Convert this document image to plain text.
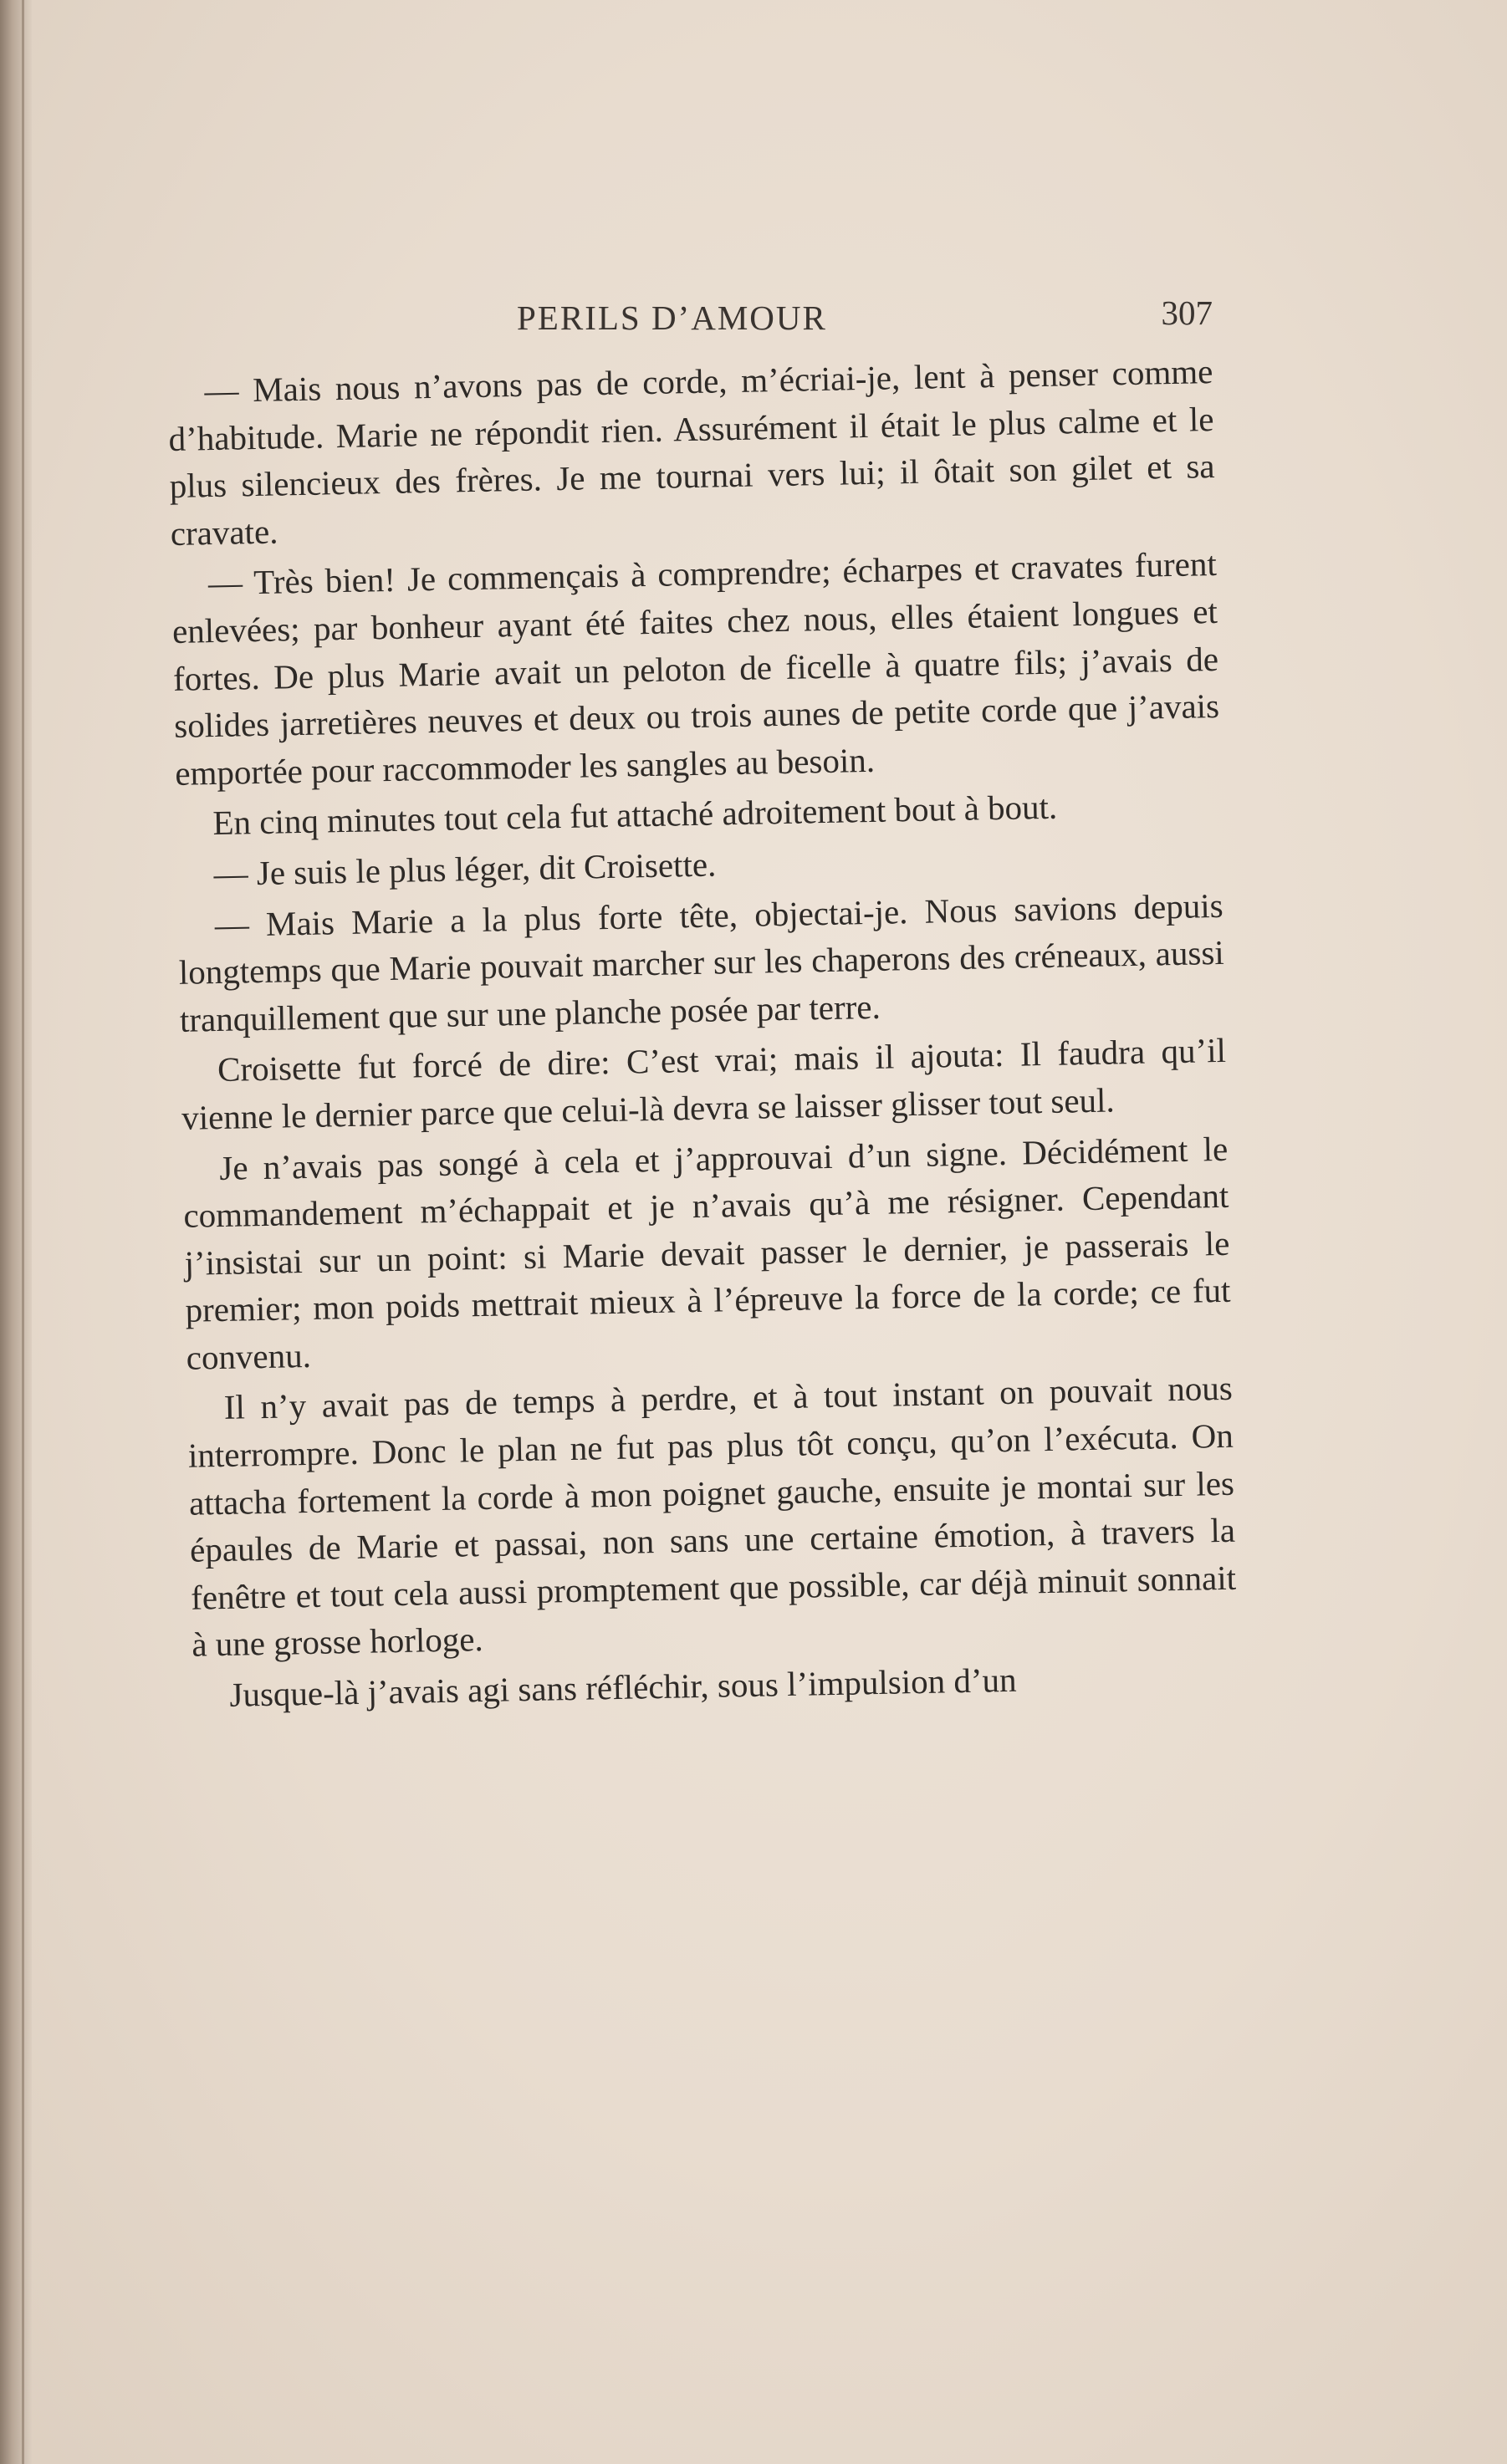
PERILS D’AMOUR	307

— Mais nous n’avons pas de corde, m’écriai-je, lent à penser comme d’habitude. Marie ne répondit rien. Assurément il était le plus calme et le plus silencieux des frères. Je me tournai vers lui; il ôtait son gilet et sa cravate.

— Très bien! Je commençais à comprendre; écharpes et cravates furent enlevées; par bonheur ayant été faites chez nous, elles étaient longues et fortes. De plus Marie avait un peloton de ficelle à quatre fils; j’avais de solides jarretières neuves et deux ou trois aunes de petite corde que j’avais emportée pour raccommoder les sangles au besoin.

En cinq minutes tout cela fut attaché adroitement bout à bout.

— Je suis le plus léger, dit Croisette.

— Mais Marie a la plus forte tête, objectai-je. Nous savions depuis longtemps que Marie pouvait marcher sur les chaperons des créneaux, aussi tranquillement que sur une planche posée par terre.

Croisette fut forcé de dire: C’est vrai; mais il ajouta: Il faudra qu’il vienne le dernier parce que celui-là devra se laisser glisser tout seul.

Je n’avais pas songé à cela et j’approuvai d’un signe. Décidément le commandement m’échappait et je n’avais qu’à me résigner. Cependant j’insistai sur un point: si Marie devait passer le dernier, je passerais le premier; mon poids mettrait mieux à l’épreuve la force de la corde; ce fut convenu.

Il n’y avait pas de temps à perdre, et à tout instant on pouvait nous interrompre. Donc le plan ne fut pas plus tôt conçu, qu’on l’exécuta. On attacha fortement la corde à mon poignet gauche, ensuite je montai sur les épaules de Marie et passai, non sans une certaine émotion, à travers la fenêtre et tout cela aussi promptement que possible, car déjà minuit sonnait à une grosse horloge.

Jusque-là j’avais agi sans réfléchir, sous l’impulsion d’un
